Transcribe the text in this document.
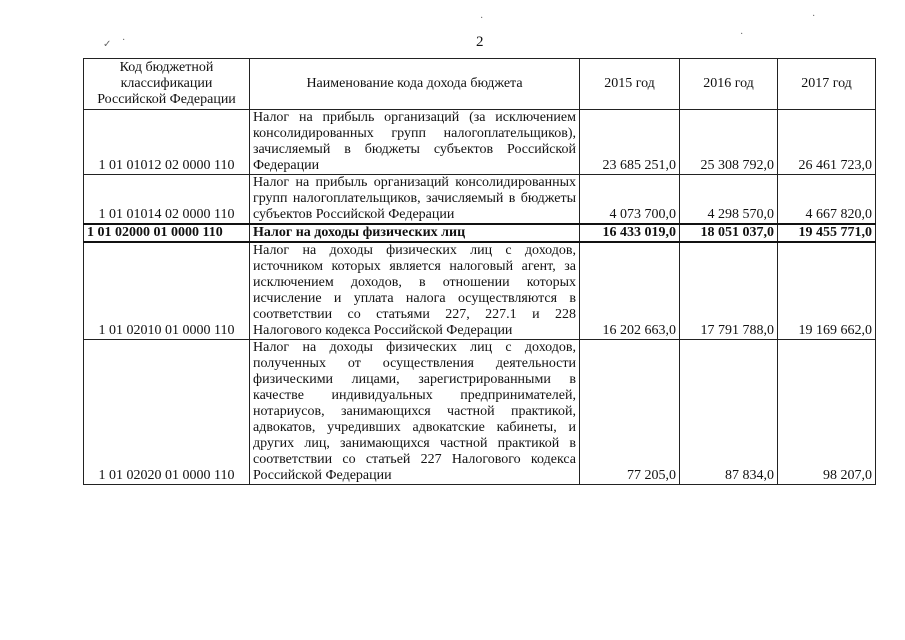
✓ ·
·	·
·
2
Код бюджетной классификации Российской Федерации	Наименование кода дохода бюджета	2015 год	2016 год	2017 год
1 01 01012 02 0000 110	Налог на прибыль организаций (за исключением консолидированных групп налогоплательщиков), зачисляемый в бюджеты субъектов Российской Федерации	23 685 251,0	25 308 792,0	26 461 723,0
1 01 01014 02 0000 110	Налог на прибыль организаций консолидированных групп налогоплательщиков, зачисляемый в бюджеты субъектов Российской Федерации	4 073 700,0	4 298 570,0	4 667 820,0
1 01 02000 01 0000 110	Налог на доходы физических лиц	16 433 019,0	18 051 037,0	19 455 771,0
1 01 02010 01 0000 110	Налог на доходы физических лиц с доходов, источником которых является налоговый агент, за исключением доходов, в отношении которых исчисление и уплата налога осуществляются в соответствии со статьями 227, 227.1 и 228 Налогового кодекса Российской Федерации	16 202 663,0	17 791 788,0	19 169 662,0
1 01 02020 01 0000 110	Налог на доходы физических лиц с доходов, полученных от осуществления деятельности физическими лицами, зарегистрированными в качестве индивидуальных предпринимателей, нотариусов, занимающихся частной практикой, адвокатов, учредивших адвокатские кабинеты, и других лиц, занимающихся частной практикой в соответствии со статьей 227 Налогового кодекса Российской Федерации	77 205,0	87 834,0	98 207,0
